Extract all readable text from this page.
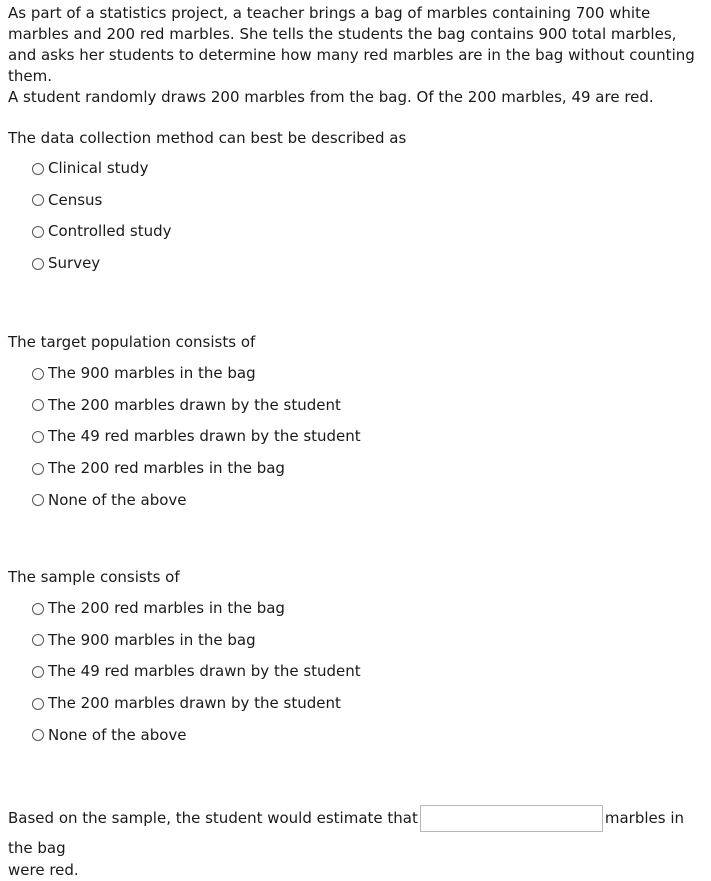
As part of a statistics project, a teacher brings a bag of marbles containing 700 white marbles and 200 red marbles. She tells the students the bag contains 900 total marbles, and asks her students to determine how many red marbles are in the bag without counting them.

A student randomly draws 200 marbles from the bag. Of the 200 marbles, 49 are red.

The data collection method can best be described as

Clinical study
Census
Controlled study
Survey

The target population consists of

The 900 marbles in the bag
The 200 marbles drawn by the student
The 49 red marbles drawn by the student
The 200 red marbles in the bag
None of the above

The sample consists of

The 200 red marbles in the bag
The 900 marbles in the bag
The 49 red marbles drawn by the student
The 200 marbles drawn by the student
None of the above

Based on the sample, the student would estimate that	marbles in the bag
were red.
